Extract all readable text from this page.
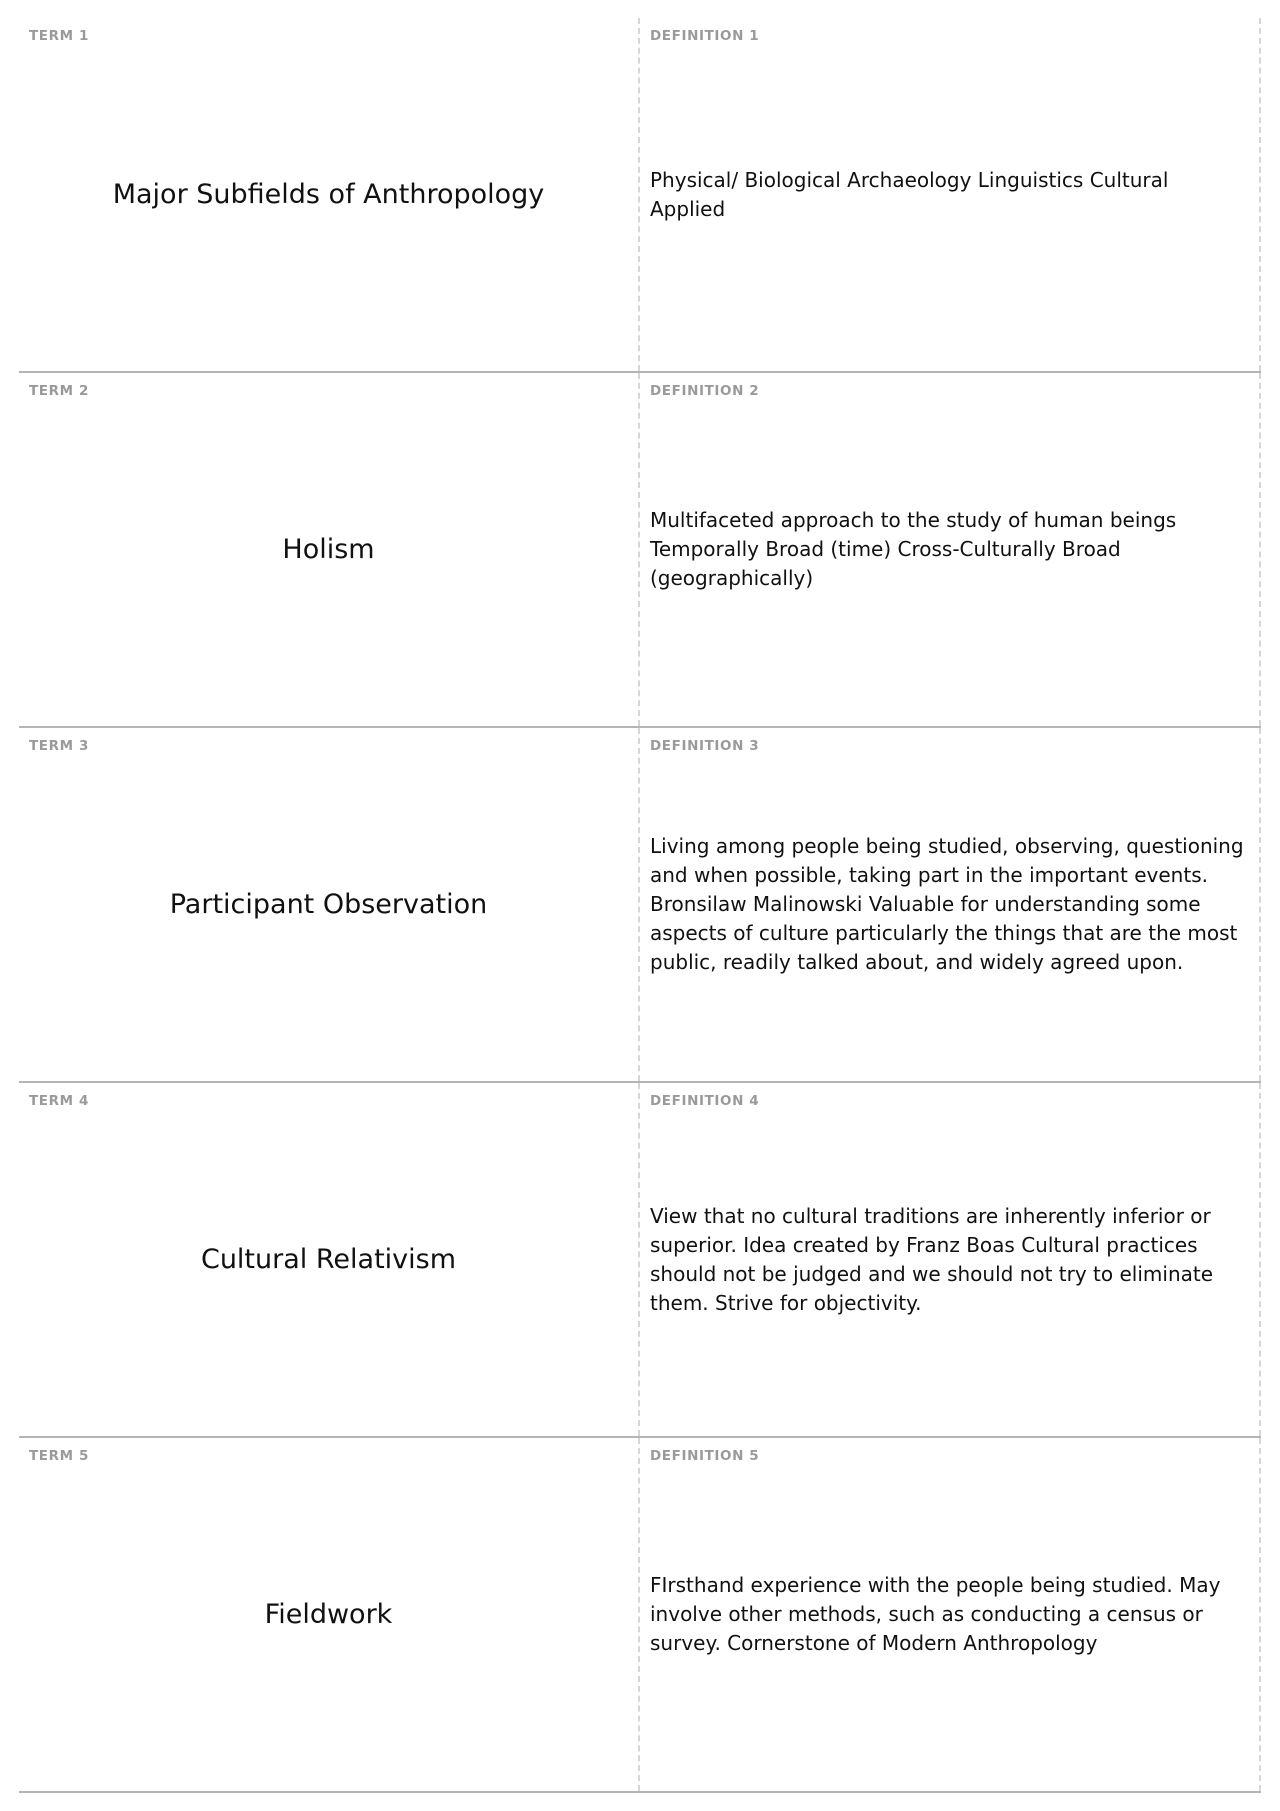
TERM 1
Major Subfields of Anthropology
DEFINITION 1
Physical/ Biological Archaeology Linguistics Cultural Applied
TERM 2
Holism
DEFINITION 2
Multifaceted approach to the study of human beings Temporally Broad (time) Cross-Culturally Broad (geographically)
TERM 3
Participant Observation
DEFINITION 3
Living among people being studied, observing, questioning and when possible, taking part in the important events. Bronsilaw Malinowski Valuable for understanding some aspects of culture particularly the things that are the most public, readily talked about, and widely agreed upon.
TERM 4
Cultural Relativism
DEFINITION 4
View that no cultural traditions are inherently inferior or superior. Idea created by Franz Boas Cultural practices should not be judged and we should not try to eliminate them. Strive for objectivity.
TERM 5
Fieldwork
DEFINITION 5
FIrsthand experience with the people being studied. May involve other methods, such as conducting a census or survey. Cornerstone of Modern Anthropology
